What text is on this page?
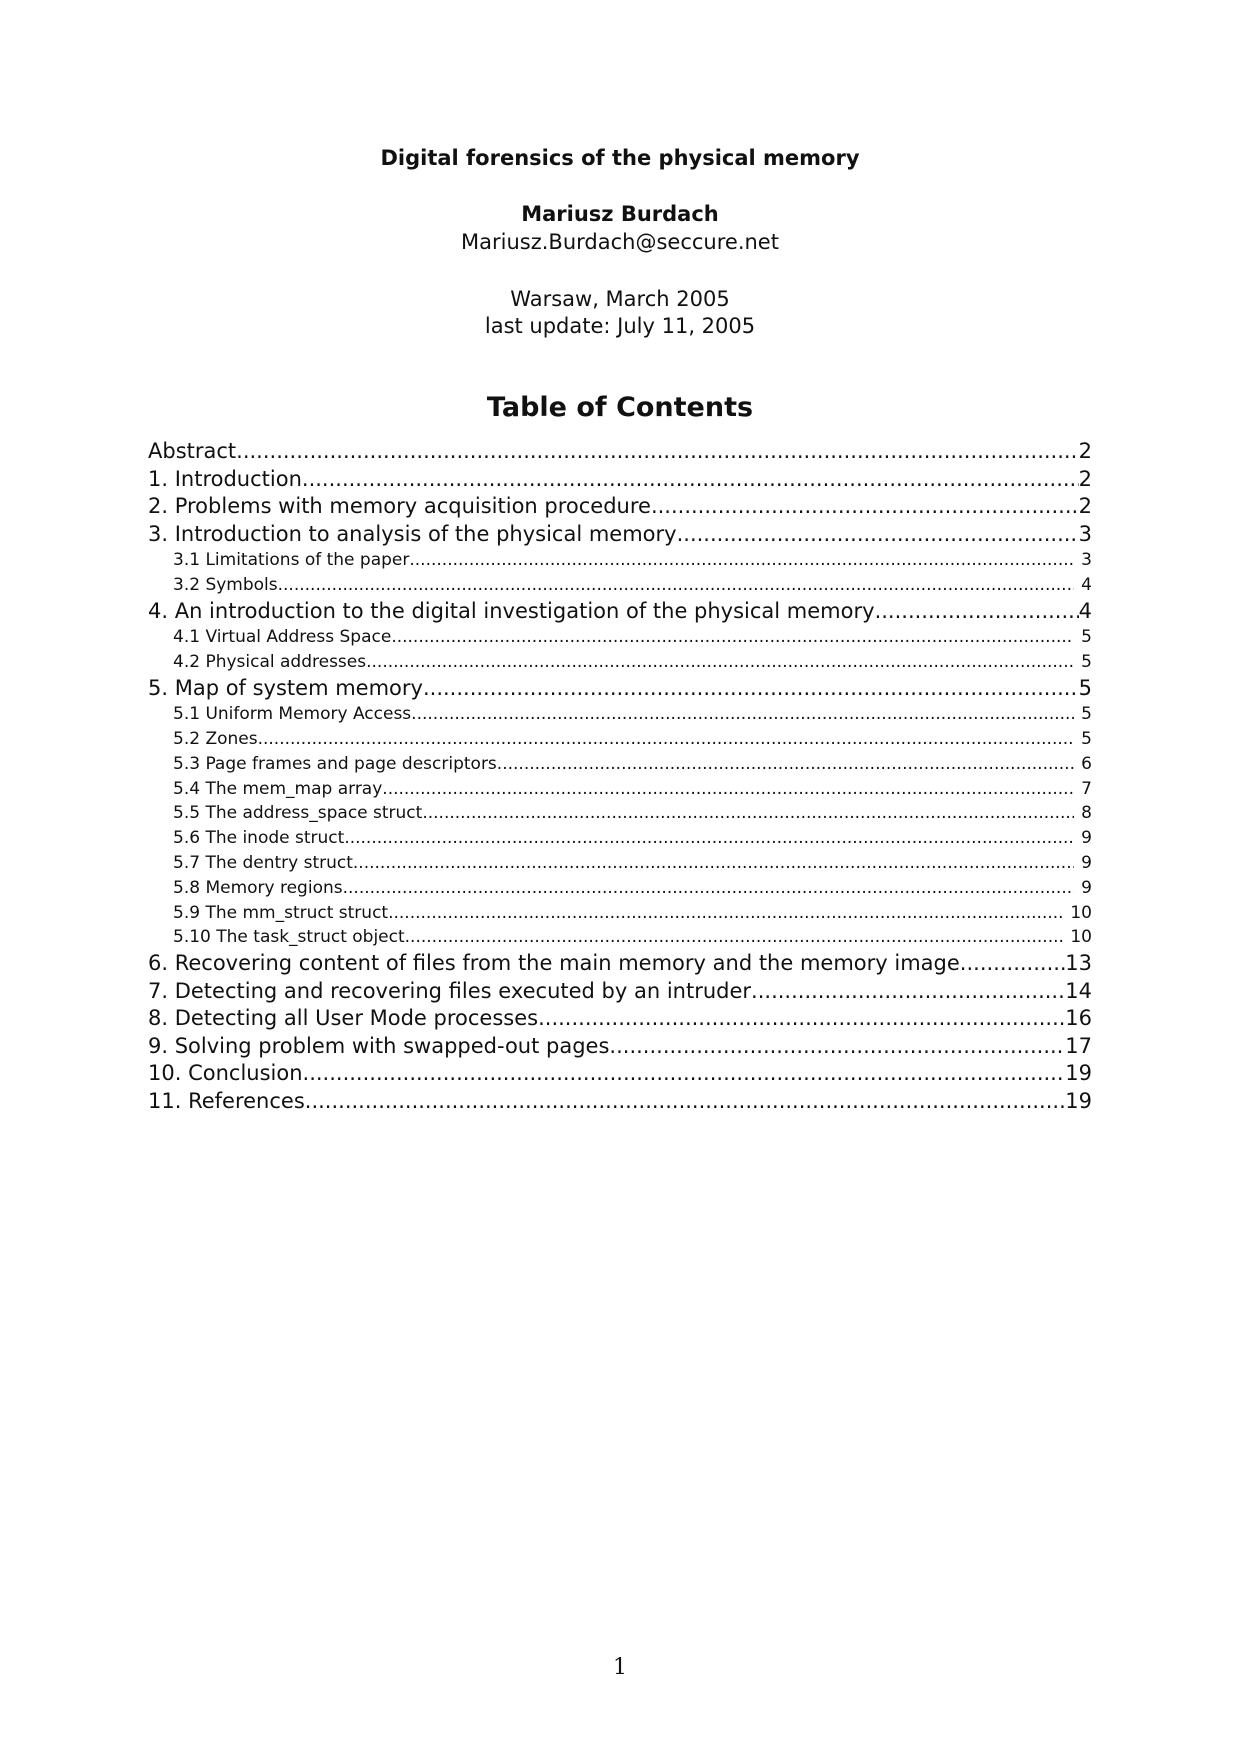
Digital forensics of the physical memory
Mariusz Burdach
Mariusz.Burdach@seccure.net
Warsaw, March 2005
last update: July 11, 2005
Table of Contents
Abstract .....	2
1. Introduction .....	2
2. Problems with memory acquisition procedure .....	2
3. Introduction to analysis of the physical memory .....	3
3.1 Limitations of the paper .....	3
3.2 Symbols .....	4
4. An introduction to the digital investigation of the physical memory .....	4
4.1 Virtual Address Space .....	5
4.2 Physical addresses .....	5
5. Map of system memory .....	5
5.1 Uniform Memory Access .....	5
5.2 Zones .....	5
5.3 Page frames and page descriptors .....	6
5.4 The mem_map array .....	7
5.5 The address_space struct .....	8
5.6 The inode struct .....	9
5.7 The dentry struct .....	9
5.8 Memory regions .....	9
5.9 The mm_struct struct .....	10
5.10 The task_struct object .....	10
6. Recovering content of files from the main memory and the memory image .....	13
7. Detecting and recovering files executed by an intruder .....	14
8. Detecting all User Mode processes .....	16
9. Solving problem with swapped-out pages .....	17
10. Conclusion .....	19
11. References .....	19
1
